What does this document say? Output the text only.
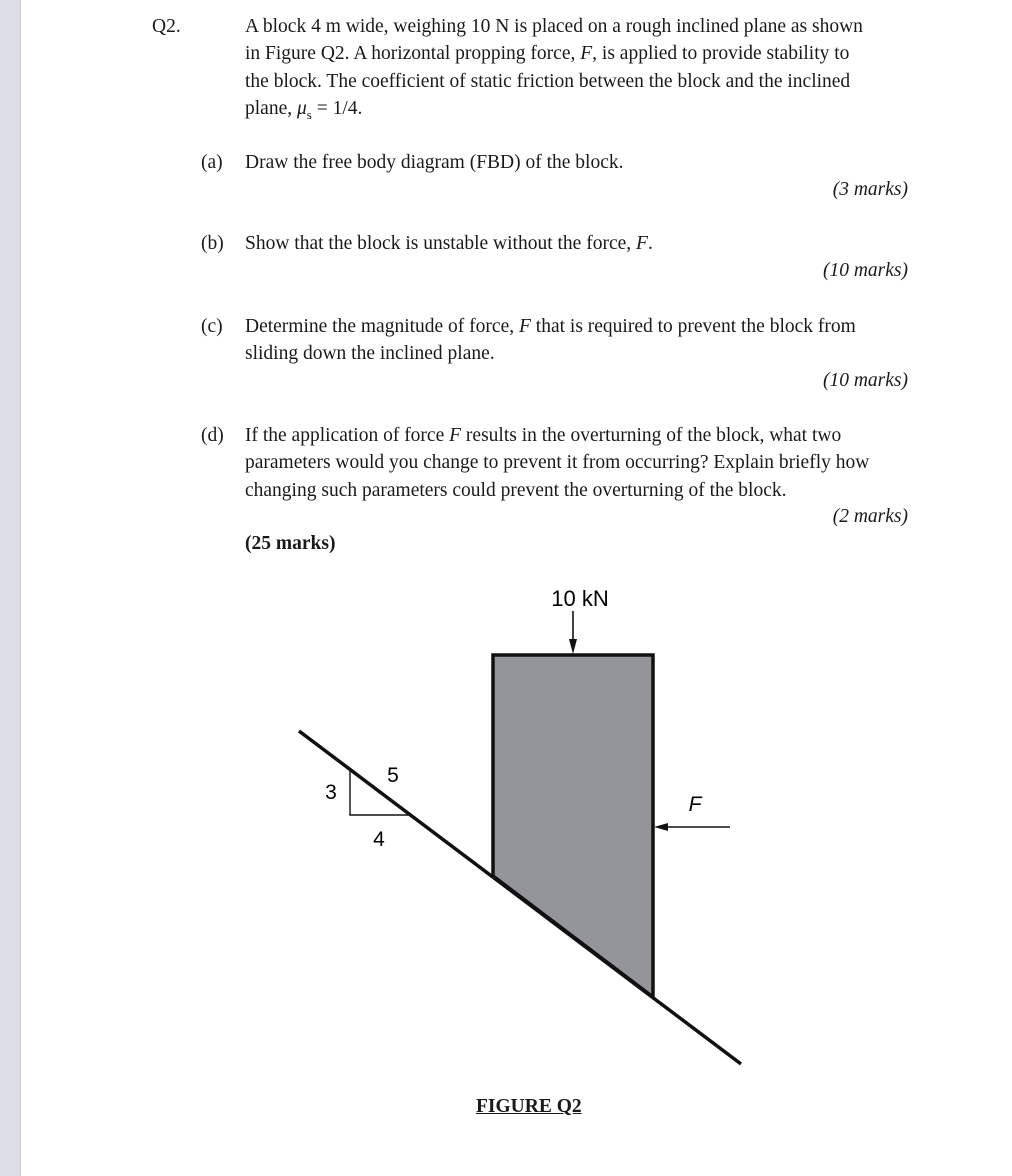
Q2.	A block 4 m wide, weighing 10 N is placed on a rough inclined plane as shown
in Figure Q2. A horizontal propping force, F, is applied to provide stability to
the block. The coefficient of static friction between the block and the inclined
plane, $\mu_s = 1/4$.
(a) Draw the free body diagram (FBD) of the block.
(3 marks)
(b) Show that the block is unstable without the force, F.
(10 marks)
(c) Determine the magnitude of force, F that is required to prevent the block from
sliding down the inclined plane.
(10 marks)
(d) If the application of force F results in the overturning of the block, what two
parameters would you change to prevent it from occurring? Explain briefly how
changing such parameters could prevent the overturning of the block.
(2 marks)
(25 marks)
3
4
5
10 kN
F
FIGURE Q2
